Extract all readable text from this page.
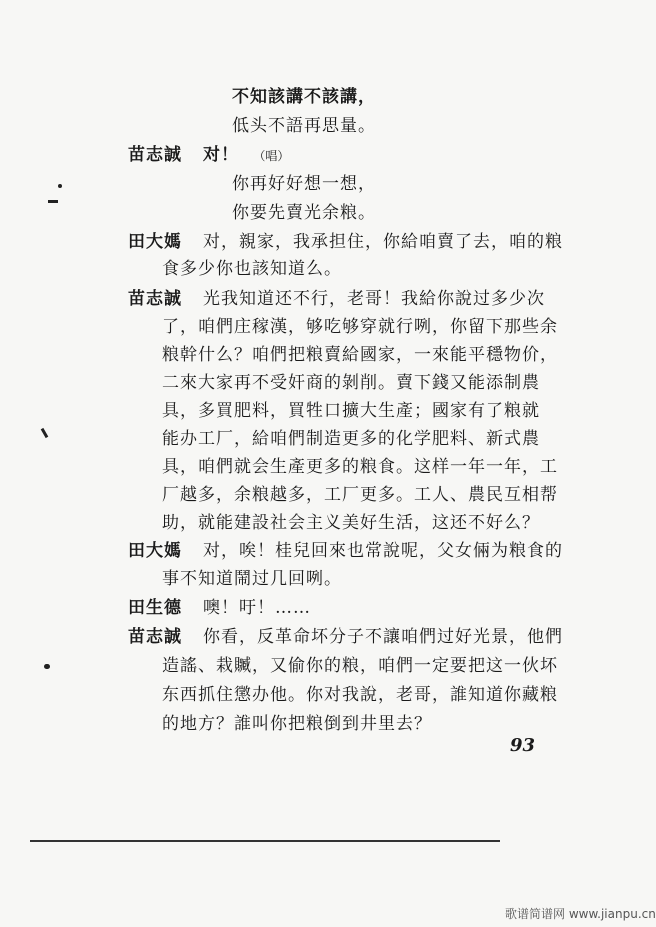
不知該講不該講，
低头不語再思量。
苗志誠 对！ （唱）
你再好好想一想，
你要先賣光余粮。
田大媽 对，親家，我承担住，你給咱賣了去，咱的粮
食多少你也該知道么。
苗志誠 光我知道还不行，老哥！我給你說过多少次
了，咱們庄稼漢，够吃够穿就行咧，你留下那些余
粮幹什么？咱們把粮賣給國家，一來能平穩物价，
二來大家再不受奸商的剝削。賣下錢又能添制農
具，多買肥料，買牲口擴大生產；國家有了粮就
能办工厂，給咱們制造更多的化学肥料、新式農
具，咱們就会生產更多的粮食。这样一年一年，工
厂越多，余粮越多，工厂更多。工人、農民互相帮
助，就能建設社会主义美好生活，这还不好么？
田大媽 对，唉！桂兒回來也常說呢，父女倆为粮食的
事不知道鬧过几回咧。
田生德 噢！吁！……
苗志誠 你看，反革命坏分子不讓咱們过好光景，他們
造謠、栽贓，又偷你的粮，咱們一定要把这一伙坏
东西抓住懲办他。你对我說，老哥，誰知道你藏粮
的地方？誰叫你把粮倒到井里去？
93
歌谱简谱网 www.jianpu.cn
